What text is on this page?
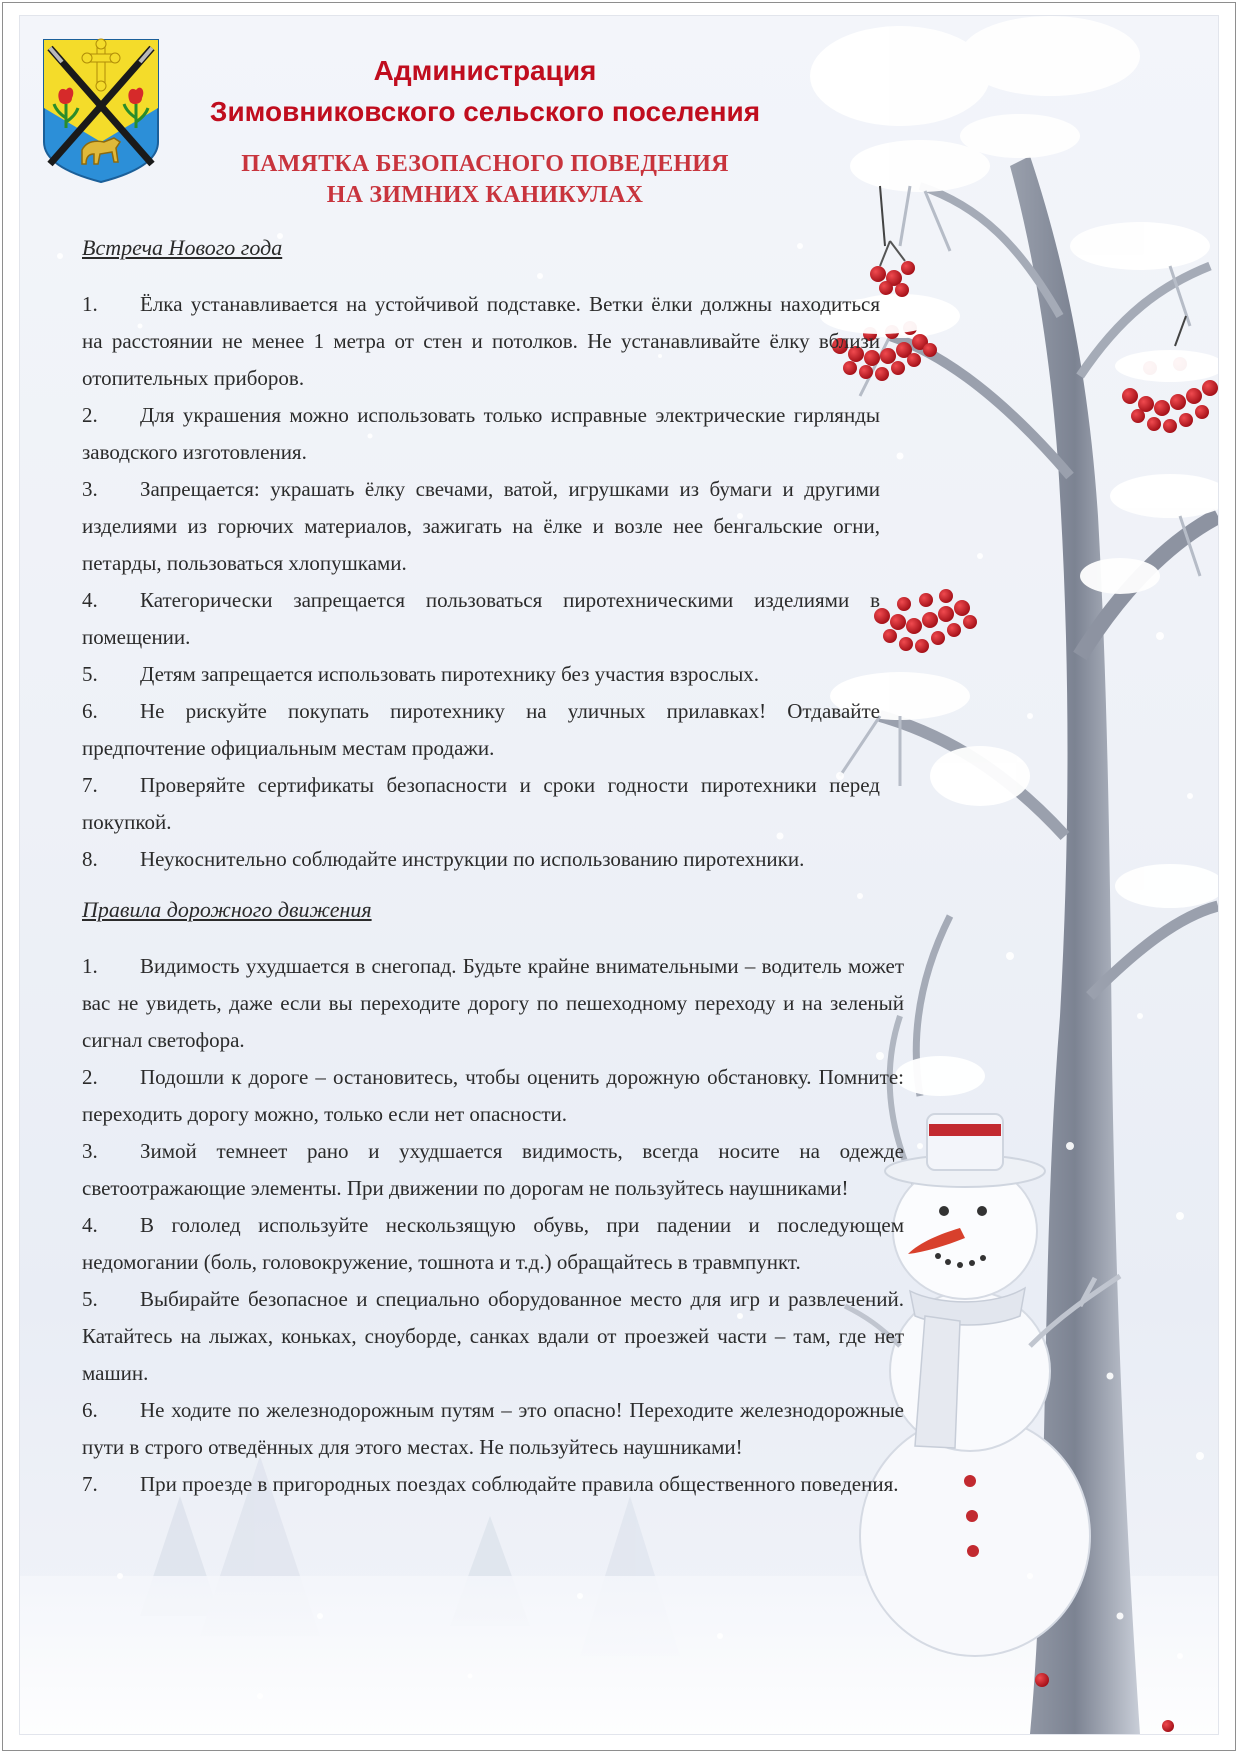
Администрация
Зимовниковского сельского поселения
ПАМЯТКА БЕЗОПАСНОГО ПОВЕДЕНИЯ
НА ЗИМНИХ КАНИКУЛАХ
Встреча Нового года
1. Ёлка устанавливается на устойчивой подставке. Ветки ёлки должны находиться на расстоянии не менее 1 метра от стен и потолков. Не устанавливайте ёлку вблизи отопительных приборов.
2. Для украшения можно использовать только исправные электрические гирлянды заводского изготовления.
3. Запрещается: украшать ёлку свечами, ватой, игрушками из бумаги и другими изделиями из горючих материалов, зажигать на ёлке и возле нее бенгальские огни, петарды, пользоваться хлопушками.
4. Категорически запрещается пользоваться пиротехническими изделиями в помещении.
5. Детям запрещается использовать пиротехнику без участия взрослых.
6. Не рискуйте покупать пиротехнику на уличных прилавках! Отдавайте предпочтение официальным местам продажи.
7. Проверяйте сертификаты безопасности и сроки годности пиротехники перед покупкой.
8. Неукоснительно соблюдайте инструкции по использованию пиротехники.
Правила дорожного движения
1. Видимость ухудшается в снегопад. Будьте крайне внимательными – водитель может вас не увидеть, даже если вы переходите дорогу по пешеходному переходу и на зеленый сигнал светофора.
2. Подошли к дороге – остановитесь, чтобы оценить дорожную обстановку. Помните: переходить дорогу можно, только если нет опасности.
3. Зимой темнеет рано и ухудшается видимость, всегда носите на одежде светоотражающие элементы. При движении по дорогам не пользуйтесь наушниками!
4. В гололед используйте нескользящую обувь, при падении и последующем недомогании (боль, головокружение, тошнота и т.д.) обращайтесь в травмпункт.
5. Выбирайте безопасное и специально оборудованное место для игр и развлечений. Катайтесь на лыжах, коньках, сноуборде, санках вдали от проезжей части – там, где нет машин.
6. Не ходите по железнодорожным путям – это опасно! Переходите железнодорожные пути в строго отведённых для этого местах. Не пользуйтесь наушниками!
7. При проезде в пригородных поездах соблюдайте правила общественного поведения.
